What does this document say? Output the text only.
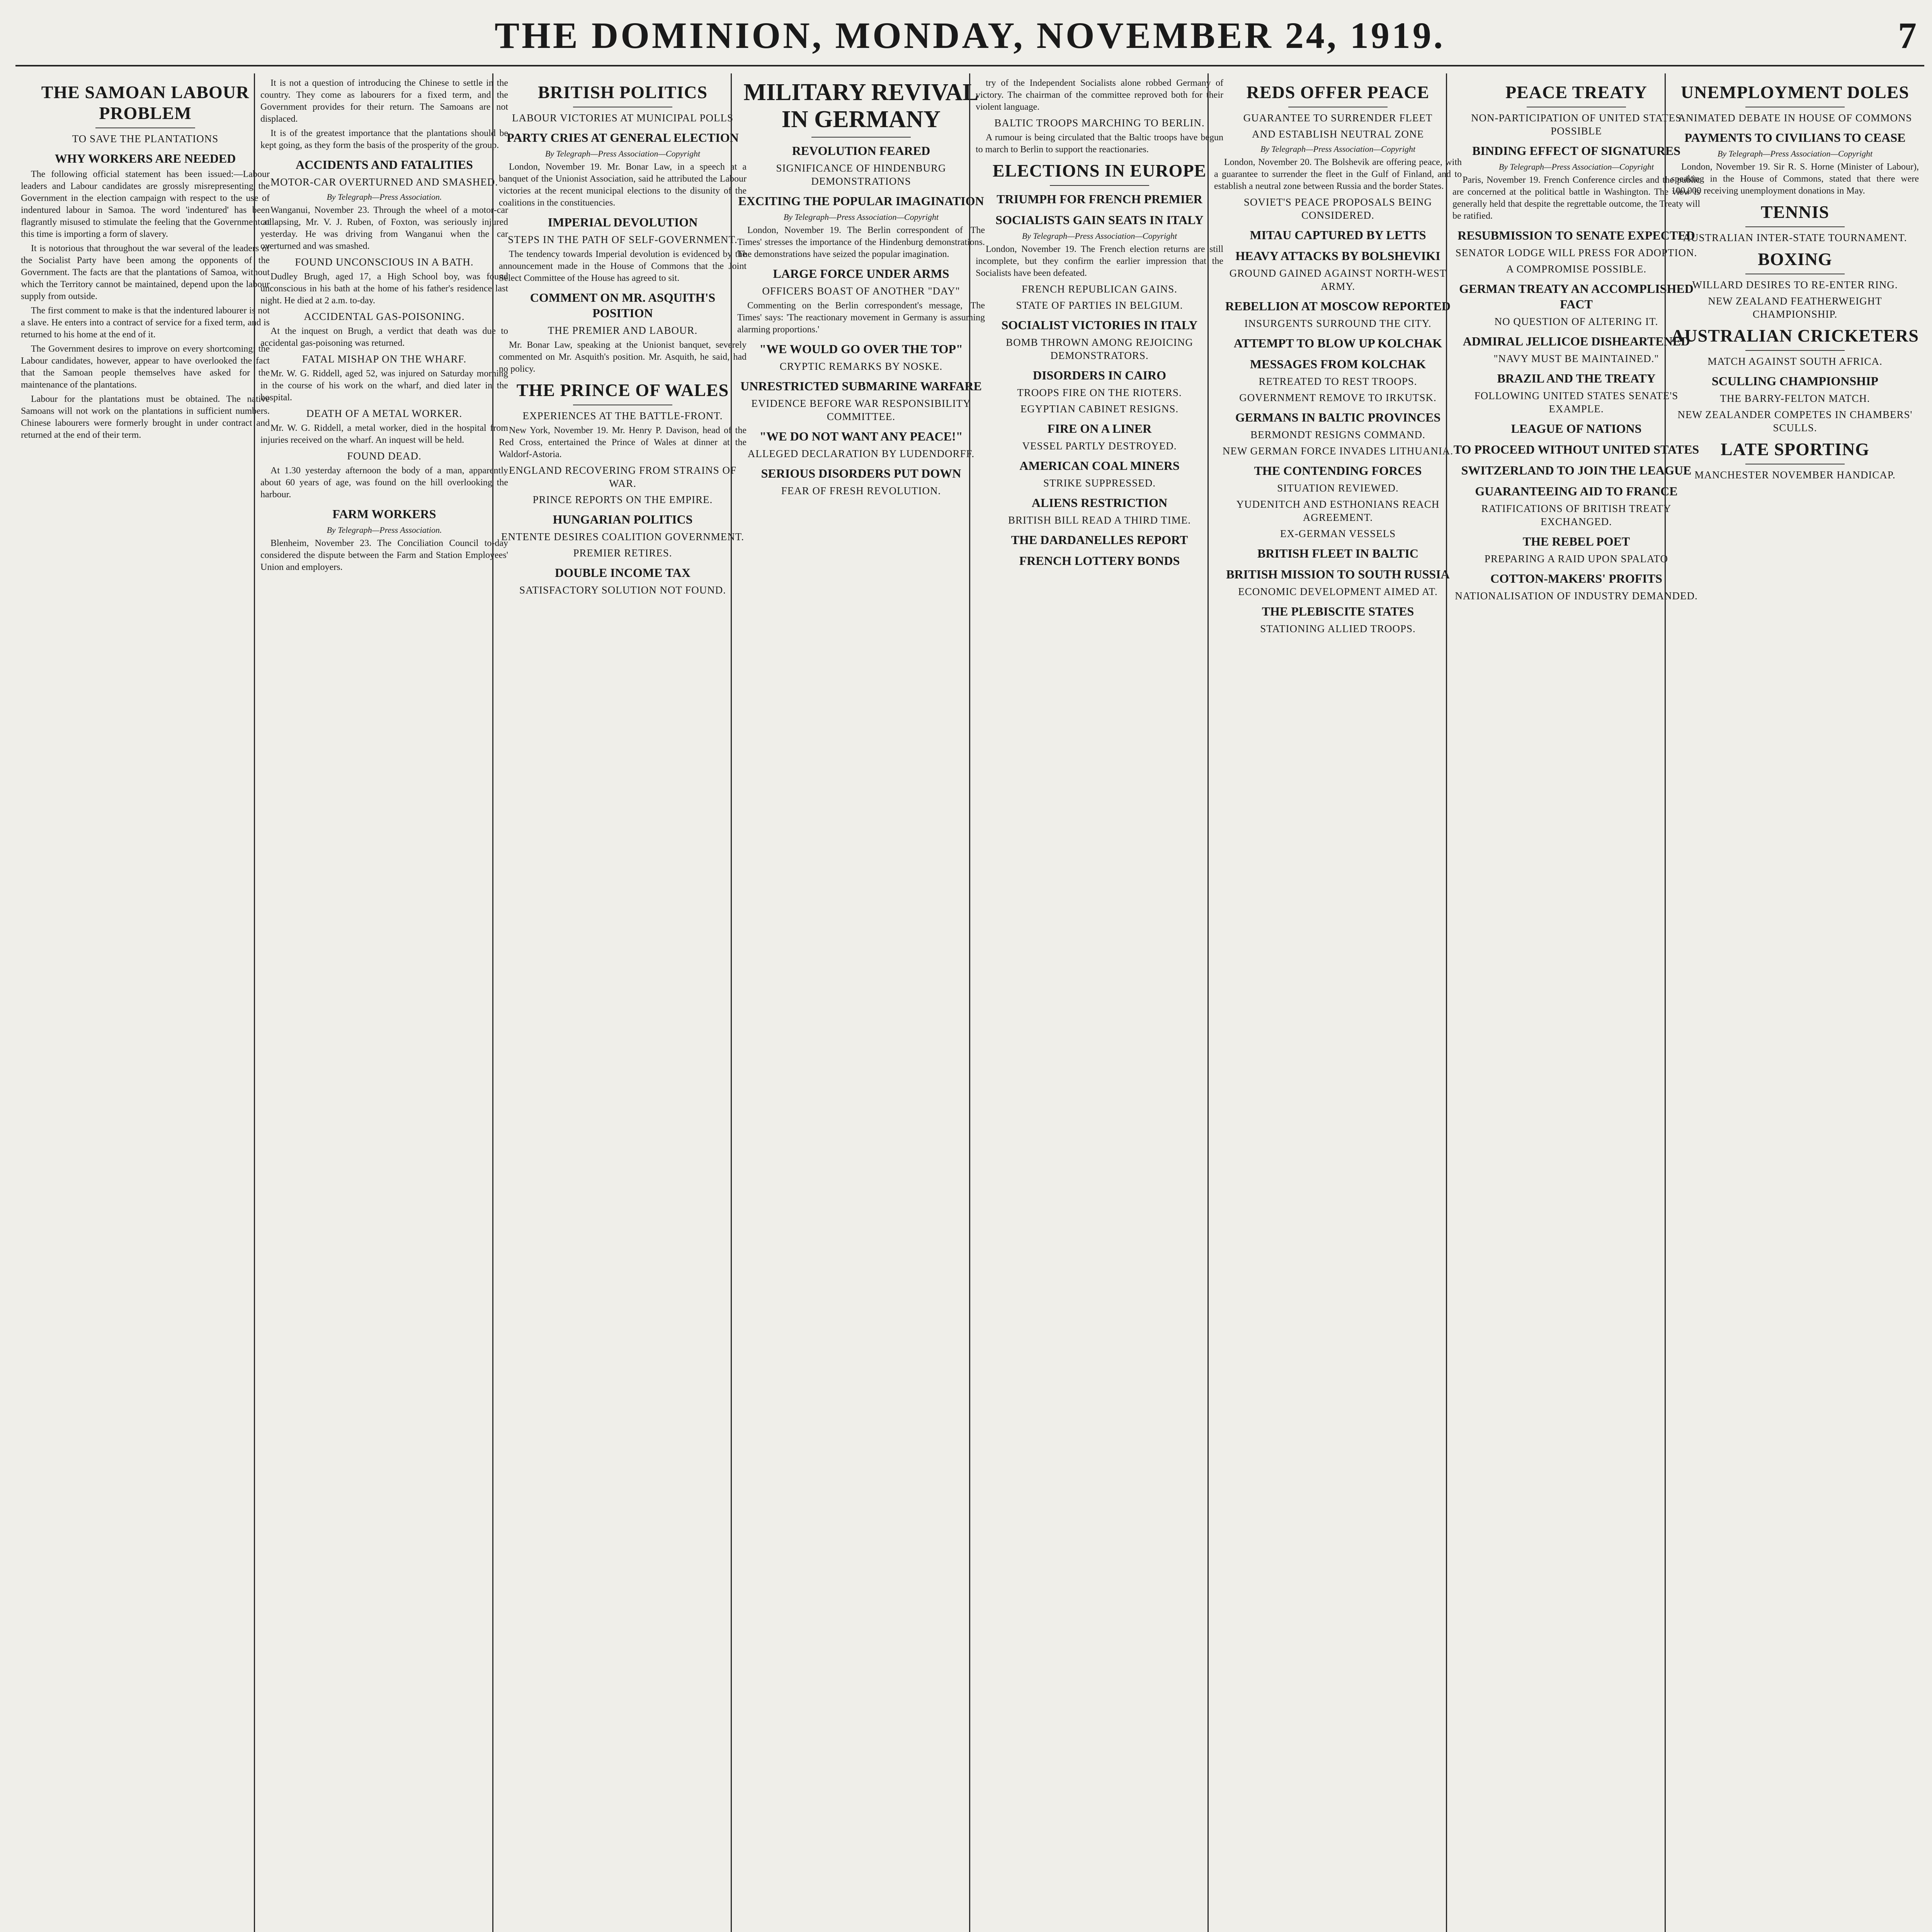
THE DOMINION, MONDAY, NOVEMBER 24, 1919.	7
THE SAMOAN LABOUR PROBLEM
TO SAVE THE PLANTATIONS
WHY WORKERS ARE NEEDED

The following official statement has been issued:—Labour leaders and Labour candidates are grossly misrepresenting the Government in the election campaign with respect to the use of indentured labour in Samoa. The word 'indentured' has been flagrantly misused to stimulate the feeling that the Government at this time is importing a form of slavery.

It is notorious that throughout the war several of the leaders of the Socialist Party have been among the opponents of the Government. The facts are that the plantations of Samoa, without which the Territory cannot be maintained, depend upon the labour supply from outside.

The first comment to make is that the indentured labourer is not a slave. He enters into a contract of service for a fixed term, and is returned to his home at the end of it.

The Government desires to improve on every shortcoming; the Labour candidates, however, appear to have overlooked the fact that the Samoan people themselves have asked for the maintenance of the plantations.

Labour for the plantations must be obtained. The native Samoans will not work on the plantations in sufficient numbers. Chinese labourers were formerly brought in under contract and returned at the end of their term.

It is not a question of introducing the Chinese to settle in the country. They come as labourers for a fixed term, and the Government provides for their return. The Samoans are not displaced.

It is of the greatest importance that the plantations should be kept going, as they form the basis of the prosperity of the group.

ACCIDENTS AND FATALITIES
MOTOR-CAR OVERTURNED AND SMASHED.
By Telegraph—Press Association.

Wanganui, November 23. Through the wheel of a motor-car collapsing, Mr. V. J. Ruben, of Foxton, was seriously injured yesterday. He was driving from Wanganui when the car overturned and was smashed.

FOUND UNCONSCIOUS IN A BATH.

Dudley Brugh, aged 17, a High School boy, was found unconscious in his bath at the home of his father's residence last night. He died at 2 a.m. to-day.

ACCIDENTAL GAS-POISONING.

At the inquest on Brugh, a verdict that death was due to accidental gas-poisoning was returned.

FATAL MISHAP ON THE WHARF.

Mr. W. G. Riddell, aged 52, was injured on Saturday morning in the course of his work on the wharf, and died later in the hospital.

DEATH OF A METAL WORKER.

Mr. W. G. Riddell, a metal worker, died in the hospital from injuries received on the wharf. An inquest will be held.

FOUND DEAD.

At 1.30 yesterday afternoon the body of a man, apparently about 60 years of age, was found on the hill overlooking the harbour.

FARM WORKERS
By Telegraph—Press Association.

Blenheim, November 23. The Conciliation Council to-day considered the dispute between the Farm and Station Employees' Union and employers.

BRITISH POLITICS
LABOUR VICTORIES AT MUNICIPAL POLLS
PARTY CRIES AT GENERAL ELECTION
By Telegraph—Press Association—Copyright

London, November 19. Mr. Bonar Law, in a speech at a banquet of the Unionist Association, said he attributed the Labour victories at the recent municipal elections to the disunity of the coalitions in the constituencies.

IMPERIAL DEVOLUTION
STEPS IN THE PATH OF SELF-GOVERNMENT.

The tendency towards Imperial devolution is evidenced by the announcement made in the House of Commons that the Joint Select Committee of the House has agreed to sit.

COMMENT ON MR. ASQUITH'S POSITION
THE PREMIER AND LABOUR.

Mr. Bonar Law, speaking at the Unionist banquet, severely commented on Mr. Asquith's position. Mr. Asquith, he said, had no policy.

THE PRINCE OF WALES
EXPERIENCES AT THE BATTLE-FRONT.

New York, November 19. Mr. Henry P. Davison, head of the Red Cross, entertained the Prince of Wales at dinner at the Waldorf-Astoria.

ENGLAND RECOVERING FROM STRAINS OF WAR.
PRINCE REPORTS ON THE EMPIRE.
HUNGARIAN POLITICS
ENTENTE DESIRES COALITION GOVERNMENT.
PREMIER RETIRES.
DOUBLE INCOME TAX
SATISFACTORY SOLUTION NOT FOUND.
MILITARY REVIVAL IN GERMANY
REVOLUTION FEARED
SIGNIFICANCE OF HINDENBURG DEMONSTRATIONS
EXCITING THE POPULAR IMAGINATION
By Telegraph—Press Association—Copyright

London, November 19. The Berlin correspondent of 'The Times' stresses the importance of the Hindenburg demonstrations. The demonstrations have seized the popular imagination.

LARGE FORCE UNDER ARMS
OFFICERS BOAST OF ANOTHER "DAY"

Commenting on the Berlin correspondent's message, 'The Times' says: 'The reactionary movement in Germany is assuming alarming proportions.'

"WE WOULD GO OVER THE TOP"
CRYPTIC REMARKS BY NOSKE.
UNRESTRICTED SUBMARINE WARFARE
EVIDENCE BEFORE WAR RESPONSIBILITY COMMITTEE.
"WE DO NOT WANT ANY PEACE!"
ALLEGED DECLARATION BY LUDENDORFF.
SERIOUS DISORDERS PUT DOWN
FEAR OF FRESH REVOLUTION.

try of the Independent Socialists alone robbed Germany of victory. The chairman of the committee reproved both for their violent language.

BALTIC TROOPS MARCHING TO BERLIN.

A rumour is being circulated that the Baltic troops have begun to march to Berlin to support the reactionaries.

ELECTIONS IN EUROPE
TRIUMPH FOR FRENCH PREMIER
SOCIALISTS GAIN SEATS IN ITALY
By Telegraph—Press Association—Copyright

London, November 19. The French election returns are still incomplete, but they confirm the earlier impression that the Socialists have been defeated.

FRENCH REPUBLICAN GAINS.
STATE OF PARTIES IN BELGIUM.
SOCIALIST VICTORIES IN ITALY
BOMB THROWN AMONG REJOICING DEMONSTRATORS.
DISORDERS IN CAIRO
TROOPS FIRE ON THE RIOTERS.
EGYPTIAN CABINET RESIGNS.
FIRE ON A LINER
VESSEL PARTLY DESTROYED.
AMERICAN COAL MINERS
STRIKE SUPPRESSED.
ALIENS RESTRICTION
BRITISH BILL READ A THIRD TIME.
THE DARDANELLES REPORT
FRENCH LOTTERY BONDS
REDS OFFER PEACE
GUARANTEE TO SURRENDER FLEET
AND ESTABLISH NEUTRAL ZONE
By Telegraph—Press Association—Copyright

London, November 20. The Bolshevik are offering peace, with a guarantee to surrender the fleet in the Gulf of Finland, and to establish a neutral zone between Russia and the border States.

SOVIET'S PEACE PROPOSALS BEING CONSIDERED.
MITAU CAPTURED BY LETTS
HEAVY ATTACKS BY BOLSHEVIKI
GROUND GAINED AGAINST NORTH-WEST ARMY.
REBELLION AT MOSCOW REPORTED
INSURGENTS SURROUND THE CITY.
ATTEMPT TO BLOW UP KOLCHAK
MESSAGES FROM KOLCHAK
RETREATED TO REST TROOPS.
GOVERNMENT REMOVE TO IRKUTSK.
GERMANS IN BALTIC PROVINCES
BERMONDT RESIGNS COMMAND.
NEW GERMAN FORCE INVADES LITHUANIA.
THE CONTENDING FORCES
SITUATION REVIEWED.
YUDENITCH AND ESTHONIANS REACH AGREEMENT.
EX-GERMAN VESSELS
BRITISH FLEET IN BALTIC
BRITISH MISSION TO SOUTH RUSSIA
ECONOMIC DEVELOPMENT AIMED AT.
THE PLEBISCITE STATES
STATIONING ALLIED TROOPS.
PEACE TREATY
NON-PARTICIPATION OF UNITED STATES POSSIBLE
BINDING EFFECT OF SIGNATURES
By Telegraph—Press Association—Copyright

Paris, November 19. French Conference circles and the public are concerned at the political battle in Washington. The view is generally held that despite the regrettable outcome, the Treaty will be ratified.

RESUBMISSION TO SENATE EXPECTED
SENATOR LODGE WILL PRESS FOR ADOPTION.
A COMPROMISE POSSIBLE.
GERMAN TREATY AN ACCOMPLISHED FACT
NO QUESTION OF ALTERING IT.
ADMIRAL JELLICOE DISHEARTENED
"NAVY MUST BE MAINTAINED."
BRAZIL AND THE TREATY
FOLLOWING UNITED STATES SENATE'S EXAMPLE.
LEAGUE OF NATIONS
TO PROCEED WITHOUT UNITED STATES
SWITZERLAND TO JOIN THE LEAGUE
GUARANTEEING AID TO FRANCE
RATIFICATIONS OF BRITISH TREATY EXCHANGED.
THE REBEL POET
PREPARING A RAID UPON SPALATO
COTTON-MAKERS' PROFITS
NATIONALISATION OF INDUSTRY DEMANDED.
UNEMPLOYMENT DOLES
ANIMATED DEBATE IN HOUSE OF COMMONS
PAYMENTS TO CIVILIANS TO CEASE
By Telegraph—Press Association—Copyright

London, November 19. Sir R. S. Horne (Minister of Labour), speaking in the House of Commons, stated that there were 100,000 receiving unemployment donations in May.

TENNIS
AUSTRALIAN INTER-STATE TOURNAMENT.
BOXING
WILLARD DESIRES TO RE-ENTER RING.
NEW ZEALAND FEATHERWEIGHT CHAMPIONSHIP.
AUSTRALIAN CRICKETERS
MATCH AGAINST SOUTH AFRICA.
SCULLING CHAMPIONSHIP
THE BARRY-FELTON MATCH.
NEW ZEALANDER COMPETES IN CHAMBERS' SCULLS.
LATE SPORTING
MANCHESTER NOVEMBER HANDICAP.
